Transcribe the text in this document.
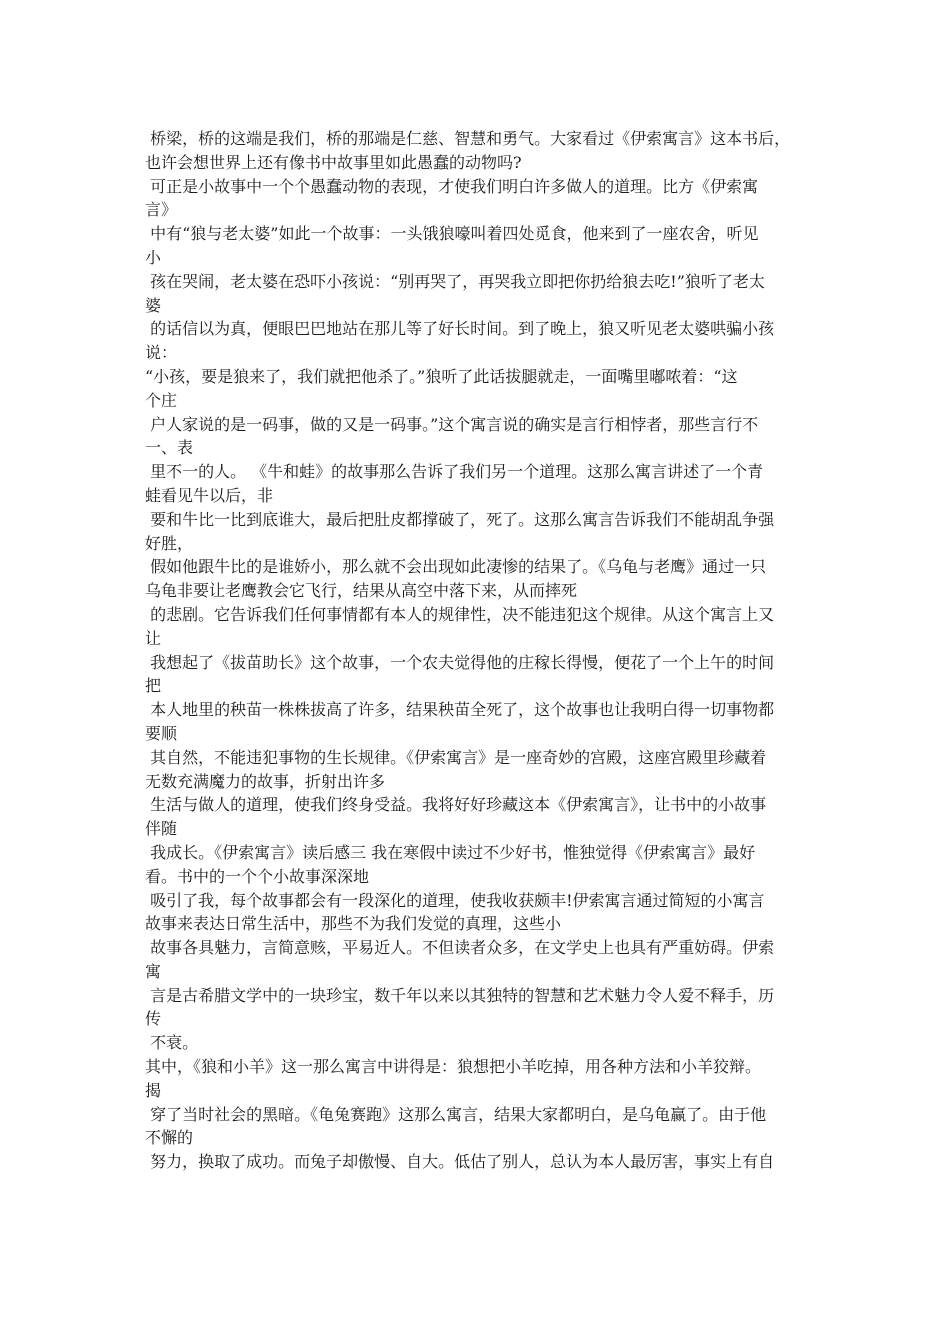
桥梁，桥的这端是我们，桥的那端是仁慈、智慧和勇气。大家看过《伊索寓言》这本书后，
也许会想世界上还有像书中故事里如此愚蠢的动物吗?
可正是小故事中一个个愚蠢动物的表现，才使我们明白许多做人的道理。比方《伊索寓
言》
中有“狼与老太婆”如此一个故事：一头饿狼嚎叫着四处觅食，他来到了一座农舍，听见
小
孩在哭闹，老太婆在恐吓小孩说：“别再哭了，再哭我立即把你扔给狼去吃!”狼听了老太
婆
的话信以为真，便眼巴巴地站在那儿等了好长时间。到了晚上，狼又听见老太婆哄骗小孩
说：
“小孩，要是狼来了，我们就把他杀了。”狼听了此话拔腿就走，一面嘴里嘟哝着：“这
个庄
户人家说的是一码事，做的又是一码事。”这个寓言说的确实是言行相悖者，那些言行不
一、表
里不一的人。 《牛和蛙》的故事那么告诉了我们另一个道理。这那么寓言讲述了一个青
蛙看见牛以后，非
要和牛比一比到底谁大，最后把肚皮都撑破了，死了。这那么寓言告诉我们不能胡乱争强
好胜，
假如他跟牛比的是谁娇小，那么就不会出现如此凄惨的结果了。《乌龟与老鹰》通过一只
乌龟非要让老鹰教会它飞行，结果从高空中落下来，从而摔死
的悲剧。它告诉我们任何事情都有本人的规律性，决不能违犯这个规律。从这个寓言上又
让
我想起了《拔苗助长》这个故事，一个农夫觉得他的庄稼长得慢，便花了一个上午的时间
把
本人地里的秧苗一株株拔高了许多，结果秧苗全死了，这个故事也让我明白得一切事物都
要顺
其自然，不能违犯事物的生长规律。《伊索寓言》是一座奇妙的宫殿，这座宫殿里珍藏着
无数充满魔力的故事，折射出许多
生活与做人的道理，使我们终身受益。我将好好珍藏这本《伊索寓言》，让书中的小故事
伴随
我成长。《伊索寓言》读后感三 我在寒假中读过不少好书，惟独觉得《伊索寓言》最好
看。书中的一个个小故事深深地
吸引了我，每个故事都会有一段深化的道理，使我收获颇丰!伊索寓言通过简短的小寓言
故事来表达日常生活中，那些不为我们发觉的真理，这些小
故事各具魅力，言简意赅，平易近人。不但读者众多，在文学史上也具有严重妨碍。伊索
寓
言是古希腊文学中的一块珍宝，数千年以来以其独特的智慧和艺术魅力令人爱不释手，历
传
不衰。
其中，《狼和小羊》这一那么寓言中讲得是：狼想把小羊吃掉，用各种方法和小羊狡辩。
揭
穿了当时社会的黑暗。《龟兔赛跑》这那么寓言，结果大家都明白，是乌龟赢了。由于他
不懈的
努力，换取了成功。而兔子却傲慢、自大。低估了别人，总认为本人最厉害，事实上有自
